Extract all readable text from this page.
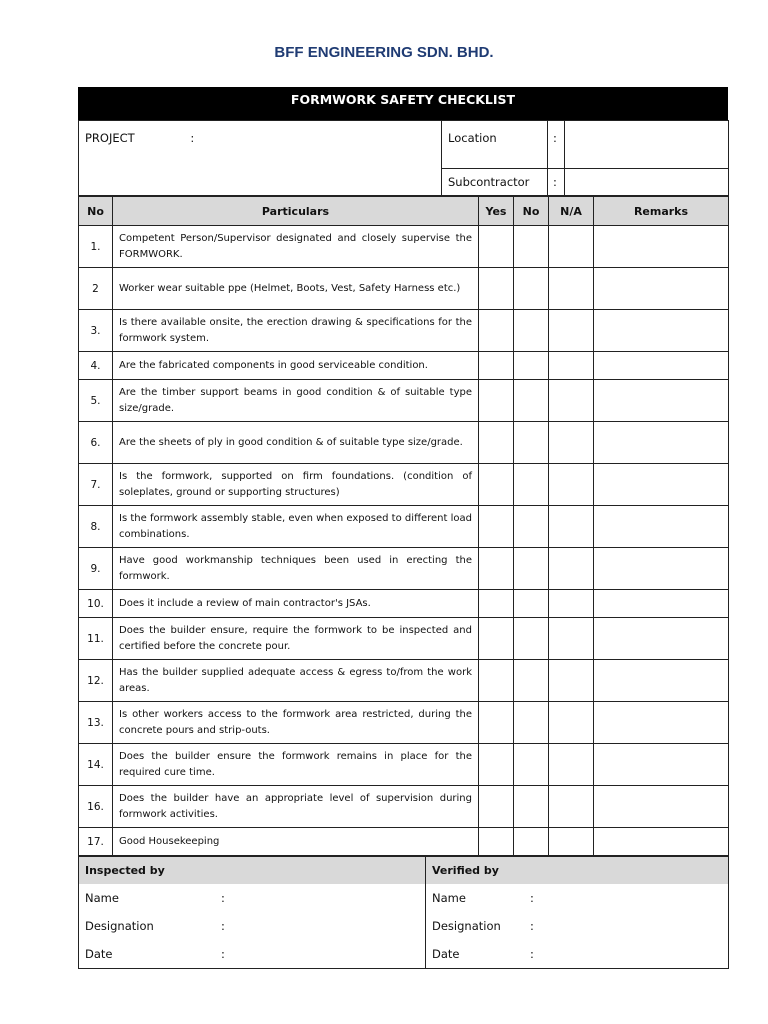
BFF ENGINEERING SDN. BHD.
FORMWORK SAFETY CHECKLIST
PROJECT :	Location	:	
	Subcontractor	:	
No	Particulars	Yes	No	N/A	Remarks
1.	Competent Person/Supervisor designated and closely supervise the FORMWORK.				
2	Worker wear suitable ppe (Helmet, Boots, Vest, Safety Harness etc.)				
3.	Is there available onsite, the erection drawing & specifications for the formwork system.				
4.	Are the fabricated components in good serviceable condition.				
5.	Are the timber support beams in good condition & of suitable type size/grade.				
6.	Are the sheets of ply in good condition & of suitable type size/grade.				
7.	Is the formwork, supported on firm foundations. (condition of soleplates, ground or supporting structures)				
8.	Is the formwork assembly stable, even when exposed to different load combinations.				
9.	Have good workmanship techniques been used in erecting the formwork.				
10.	Does it include a review of main contractor's JSAs.				
11.	Does the builder ensure, require the formwork to be inspected and certified before the concrete pour.				
12.	Has the builder supplied adequate access & egress to/from the work areas.				
13.	Is other workers access to the formwork area restricted, during the concrete pours and strip-outs.				
14.	Does the builder ensure the formwork remains in place for the required cure time.				
16.	Does the builder have an appropriate level of supervision during formwork activities.				
17.	Good Housekeeping				
Inspected by
Name	:
Designation	:
Date	:

Verified by
Name	:
Designation	:
Date	:
